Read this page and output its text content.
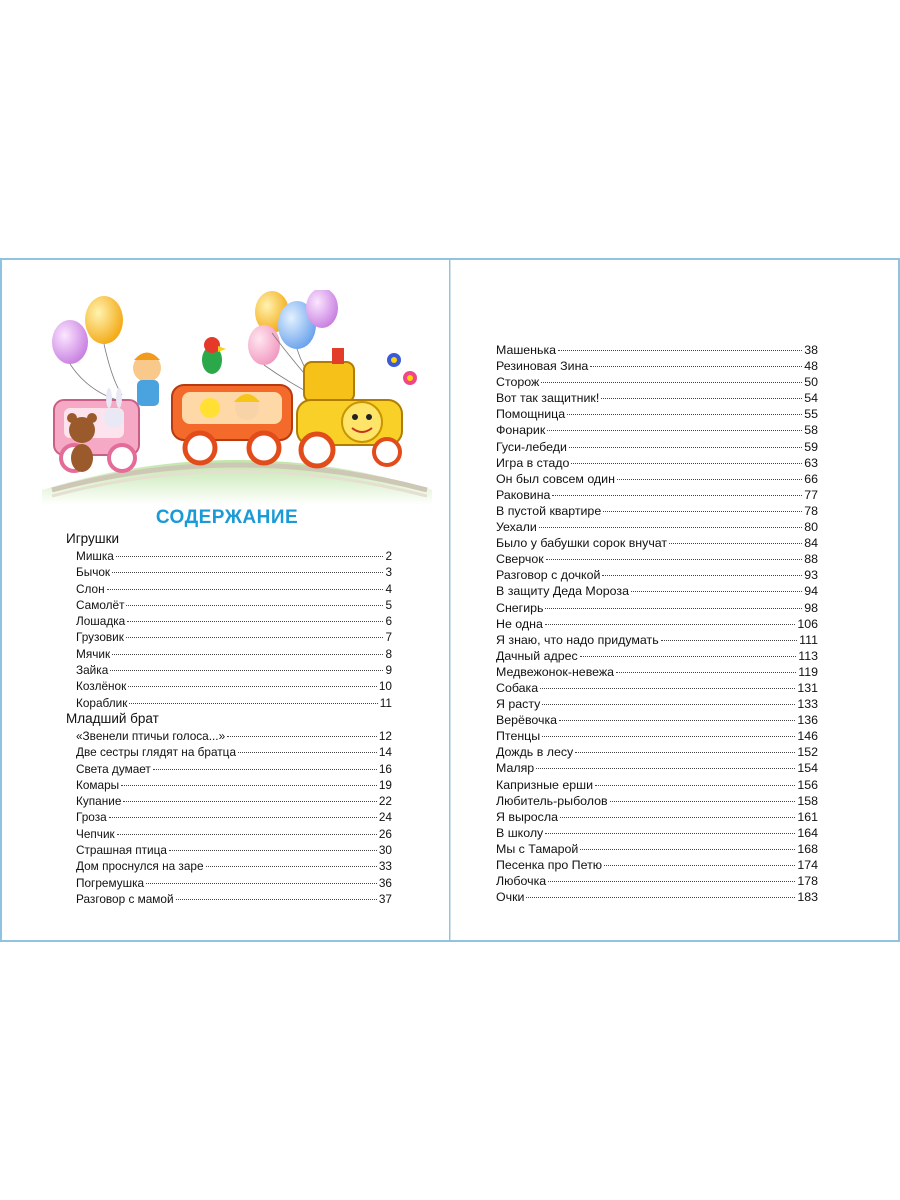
СОДЕРЖАНИЕ
Игрушки
Мишка	2
Бычок	3
Слон	4
Самолёт	5
Лошадка	6
Грузовик	7
Мячик	8
Зайка	9
Козлёнок	10
Кораблик	11
Младший брат
«Звенели птичьи голоса...»	12
Две сестры глядят на братца	14
Света думает	16
Комары	19
Купание	22
Гроза	24
Чепчик	26
Страшная птица	30
Дом проснулся на заре	33
Погремушка	36
Разговор с мамой	37
Машенька	38
Резиновая Зина	48
Сторож	50
Вот так защитник!	54
Помощница	55
Фонарик	58
Гуси-лебеди	59
Игра в стадо	63
Он был совсем один	66
Раковина	77
В пустой квартире	78
Уехали	80
Было у бабушки сорок внучат	84
Сверчок	88
Разговор с дочкой	93
В защиту Деда Мороза	94
Снегирь	98
Не одна	106
Я знаю, что надо придумать	111
Дачный адрес	113
Медвежонок-невежа	119
Собака	131
Я расту	133
Верёвочка	136
Птенцы	146
Дождь в лесу	152
Маляр	154
Капризные ерши	156
Любитель-рыболов	158
Я выросла	161
В школу	164
Мы с Тамарой	168
Песенка про Петю	174
Любочка	178
Очки	183
